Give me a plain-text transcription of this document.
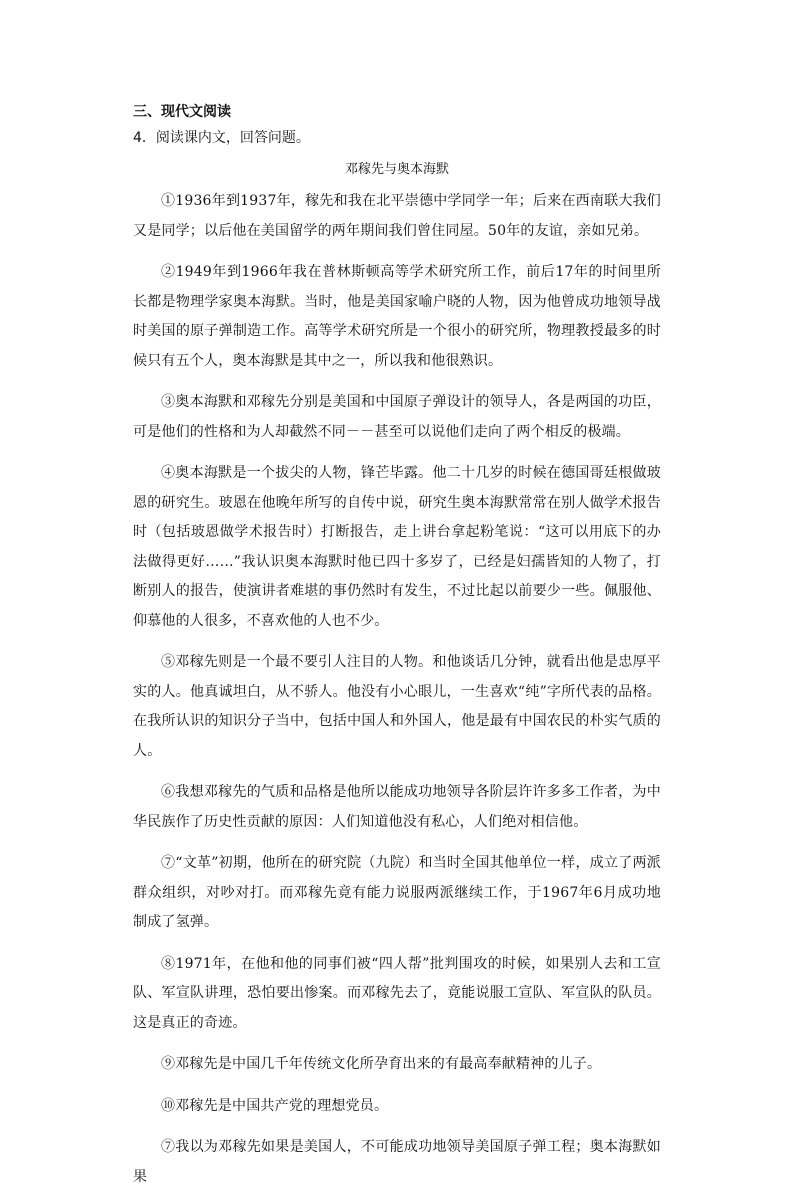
三、现代文阅读

4．阅读课内文，回答问题。

邓稼先与奥本海默

①1936年到1937年，稼先和我在北平崇德中学同学一年；后来在西南联大我们又是同学；以后他在美国留学的两年期间我们曾住同屋。50年的友谊，亲如兄弟。

②1949年到1966年我在普林斯顿高等学术研究所工作，前后17年的时间里所长都是物理学家奥本海默。当时，他是美国家喻户晓的人物，因为他曾成功地领导战时美国的原子弹制造工作。高等学术研究所是一个很小的研究所，物理教授最多的时候只有五个人，奥本海默是其中之一，所以我和他很熟识。

③奥本海默和邓稼先分别是美国和中国原子弹设计的领导人，各是两国的功臣，可是他们的性格和为人却截然不同－－甚至可以说他们走向了两个相反的极端。

④奥本海默是一个拔尖的人物，锋芒毕露。他二十几岁的时候在德国哥廷根做玻恩的研究生。玻恩在他晚年所写的自传中说，研究生奥本海默常常在别人做学术报告时（包括玻恩做学术报告时）打断报告，走上讲台拿起粉笔说：“这可以用底下的办法做得更好……”我认识奥本海默时他已四十多岁了，已经是妇孺皆知的人物了，打断别人的报告，使演讲者难堪的事仍然时有发生，不过比起以前要少一些。佩服他、仰慕他的人很多，不喜欢他的人也不少。

⑤邓稼先则是一个最不要引人注目的人物。和他谈话几分钟，就看出他是忠厚平实的人。他真诚坦白，从不骄人。他没有小心眼儿，一生喜欢“纯”字所代表的品格。在我所认识的知识分子当中，包括中国人和外国人，他是最有中国农民的朴实气质的人。

⑥我想邓稼先的气质和品格是他所以能成功地领导各阶层许许多多工作者，为中华民族作了历史性贡献的原因：人们知道他没有私心，人们绝对相信他。

⑦“文革”初期，他所在的研究院（九院）和当时全国其他单位一样，成立了两派群众组织，对吵对打。而邓稼先竟有能力说服两派继续工作，于1967年6月成功地制成了氢弹。

⑧1971年，在他和他的同事们被“四人帮”批判围攻的时候，如果别人去和工宣队、军宣队讲理，恐怕要出惨案。而邓稼先去了，竟能说服工宣队、军宣队的队员。这是真正的奇迹。

⑨邓稼先是中国几千年传统文化所孕育出来的有最高奉献精神的儿子。

⑩邓稼先是中国共产党的理想党员。

⑦我以为邓稼先如果是美国人，不可能成功地领导美国原子弹工程；奥本海默如果
